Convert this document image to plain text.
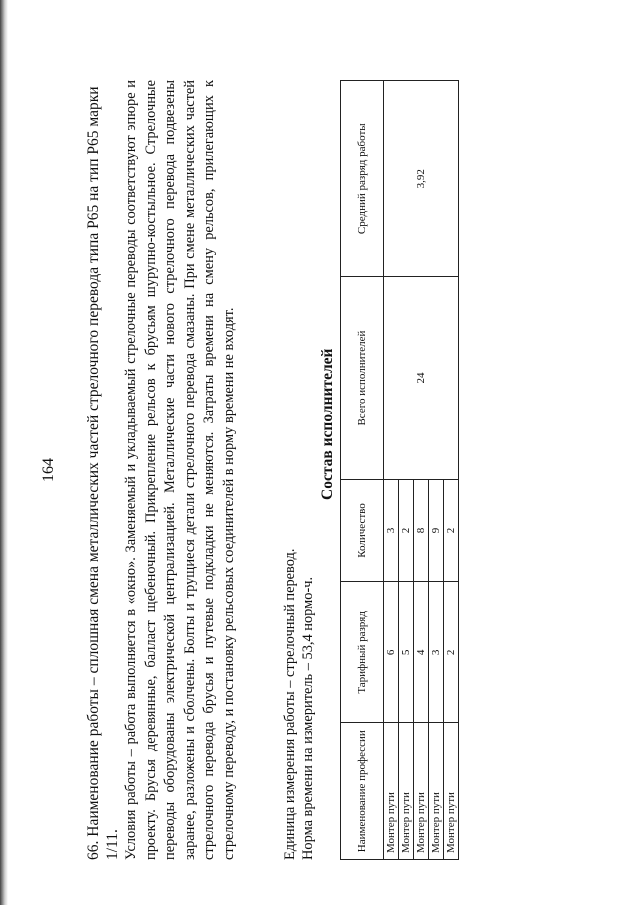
164 66. Наименование работы – сплошная смена металлических частей стрелочного перевода типа Р65 на тип Р65 марки 1/11. Условия работы – работа выполняется в «окно». Заменяемый и укладываемый стрелочные переводы соответствуют эпюре и проекту. Брусья деревянные, балласт щебеночный. Прикрепление рельсов к брусьям шурупно-костыльное. Стрелочные переводы оборудованы электрической централизацией. Металлические части нового стрелочного перевода подвезены заранее, разложены и сболчены. Болты и трущиеся детали стрелочного перевода смазаны. При смене металлических частей стрелочного перевода брусья и путевые подкладки не меняются. Затраты времени на смену рельсов, прилегающих к стрелочному переводу, и постановку рельсовых соединителей в норму времени не входят.	Единица измерения работы – стрелочный перевод. Норма времени на измеритель – 53,4 нормо-ч.
Состав исполнителей
Наименование профессии	Тарифный разряд	Количество	Всего исполнителей	Средний разряд работы
Монтер пути	6	3	24	3,92
Монтер пути	5	2		
Монтер пути	4	8		
Монтер пути	3	9		
Монтер пути	2	2		
